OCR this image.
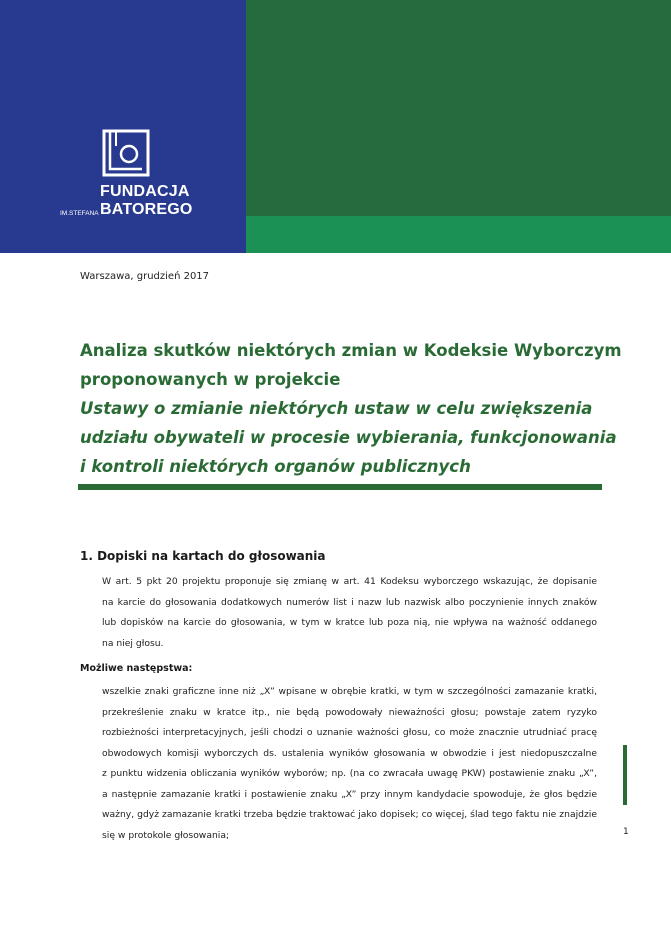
FUNDACJA
BATOREGO
IM.STEFANA
Warszawa, grudzień 2017
Analiza skutków niektórych zmian w Kodeksie Wyborczym
proponowanych w projekcie
Ustawy o zmianie niektórych ustaw w celu zwiększenia
udziału obywateli w procesie wybierania, funkcjonowania
i kontroli niektórych organów publicznych
1. Dopiski na kartach do głosowania
W art. 5 pkt 20 projektu proponuje się zmianę w art. 41 Kodeksu wyborczego wskazując, że dopisanie
na karcie do głosowania dodatkowych numerów list i nazw lub nazwisk albo poczynienie innych znaków
lub dopisków na karcie do głosowania, w tym w kratce lub poza nią, nie wpływa na ważność oddanego
na niej głosu.
Możliwe następstwa:
wszelkie znaki graficzne inne niż „X” wpisane w obrębie kratki, w tym w szczególności zamazanie kratki,
przekreślenie znaku w kratce itp., nie będą powodowały nieważności głosu; powstaje zatem ryzyko
rozbieżności interpretacyjnych, jeśli chodzi o uznanie ważności głosu, co może znacznie utrudniać pracę
obwodowych komisji wyborczych ds. ustalenia wyników głosowania w obwodzie i jest niedopuszczalne
z punktu widzenia obliczania wyników wyborów; np. (na co zwracała uwagę PKW) postawienie znaku „X”,
a następnie zamazanie kratki i postawienie znaku „X” przy innym kandydacie spowoduje, że głos będzie
ważny, gdyż zamazanie kratki trzeba będzie traktować jako dopisek; co więcej, ślad tego faktu nie znajdzie
się w protokole głosowania;	1
